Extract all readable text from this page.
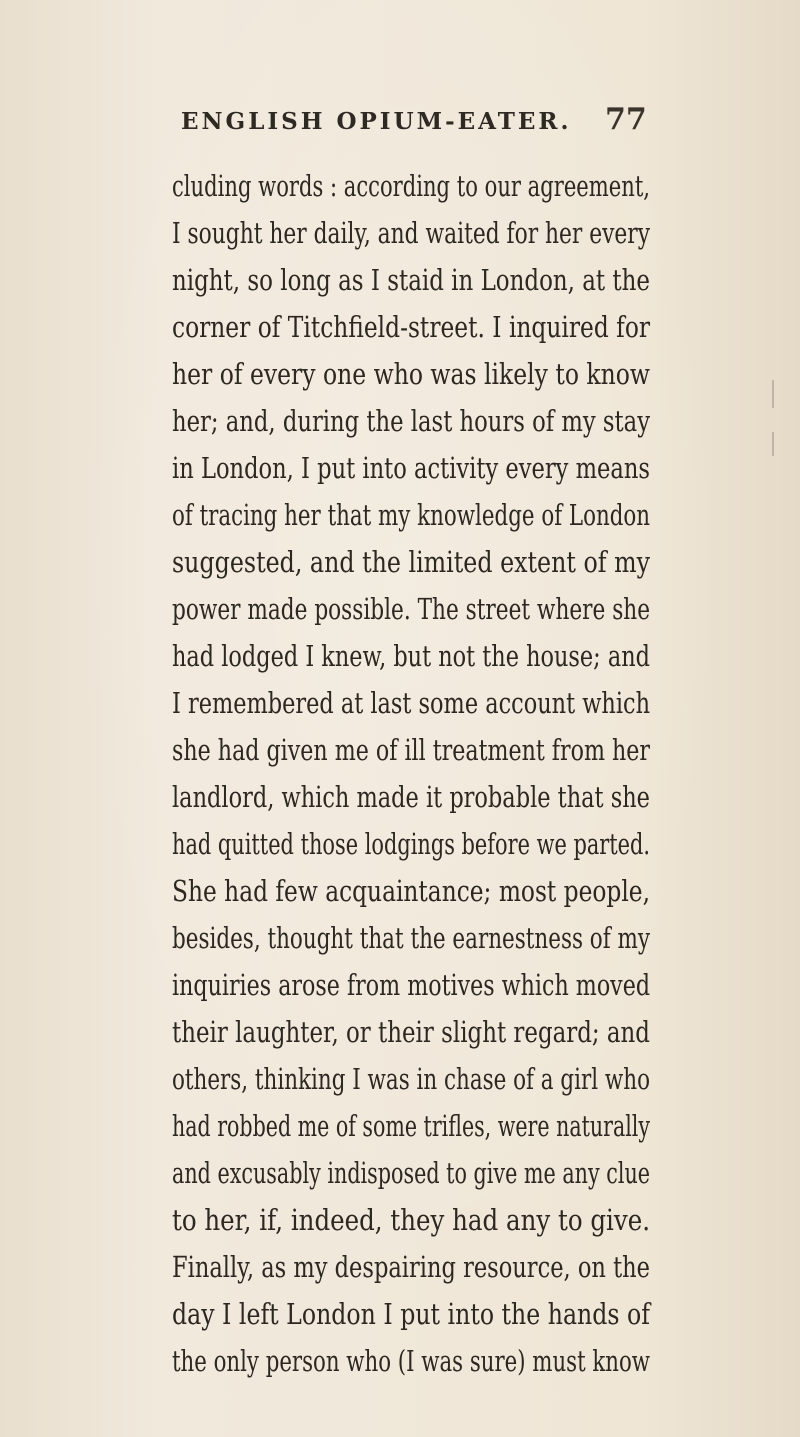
ENGLISH OPIUM-EATER. 77
cluding words : according to our agreement,
I sought her daily, and waited for her every
night, so long as I staid in London, at the
corner of Titchfield-street. I inquired for
her of every one who was likely to know
her; and, during the last hours of my stay
in London, I put into activity every means
of tracing her that my knowledge of London
suggested, and the limited extent of my
power made possible. The street where she
had lodged I knew, but not the house; and
I remembered at last some account which
she had given me of ill treatment from her
landlord, which made it probable that she
had quitted those lodgings before we parted.
She had few acquaintance; most people,
besides, thought that the earnestness of my
inquiries arose from motives which moved
their laughter, or their slight regard; and
others, thinking I was in chase of a girl who
had robbed me of some trifles, were naturally
and excusably indisposed to give me any clue
to her, if, indeed, they had any to give.
Finally, as my despairing resource, on the
day I left London I put into the hands of
the only person who (I was sure) must know
